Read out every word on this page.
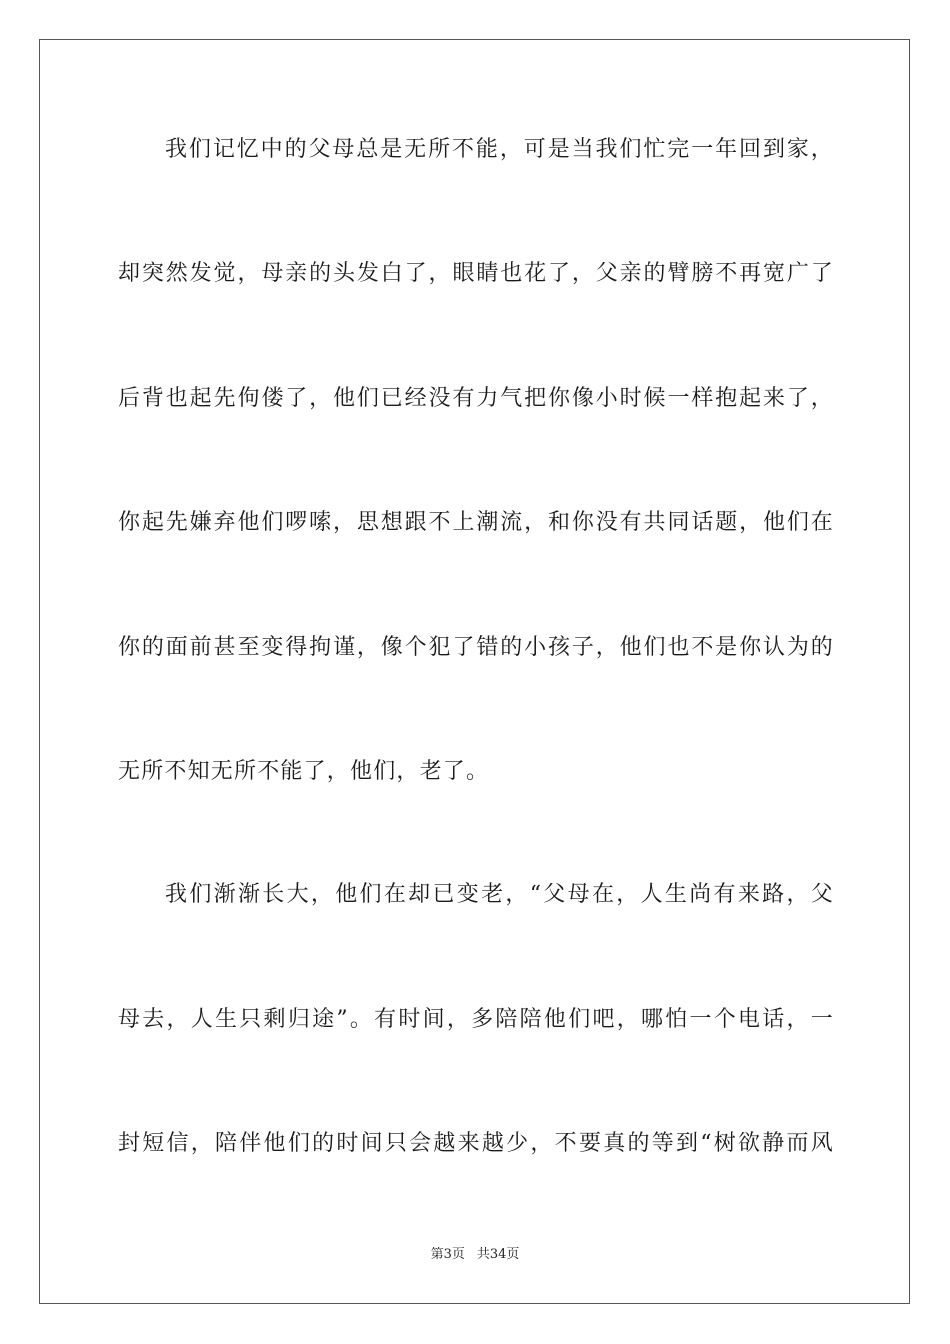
我们记忆中的父母总是无所不能，可是当我们忙完一年回到家，
却突然发觉，母亲的头发白了，眼睛也花了，父亲的臂膀不再宽广了
后背也起先佝偻了，他们已经没有力气把你像小时候一样抱起来了，
你起先嫌弃他们啰嗦，思想跟不上潮流，和你没有共同话题，他们在
你的面前甚至变得拘谨，像个犯了错的小孩子，他们也不是你认为的
无所不知无所不能了，他们，老了。
我们渐渐长大，他们在却已变老，“父母在，人生尚有来路，父
母去，人生只剩归途”。有时间，多陪陪他们吧，哪怕一个电话，一
封短信，陪伴他们的时间只会越来越少，不要真的等到“树欲静而风
第3页 共34页
